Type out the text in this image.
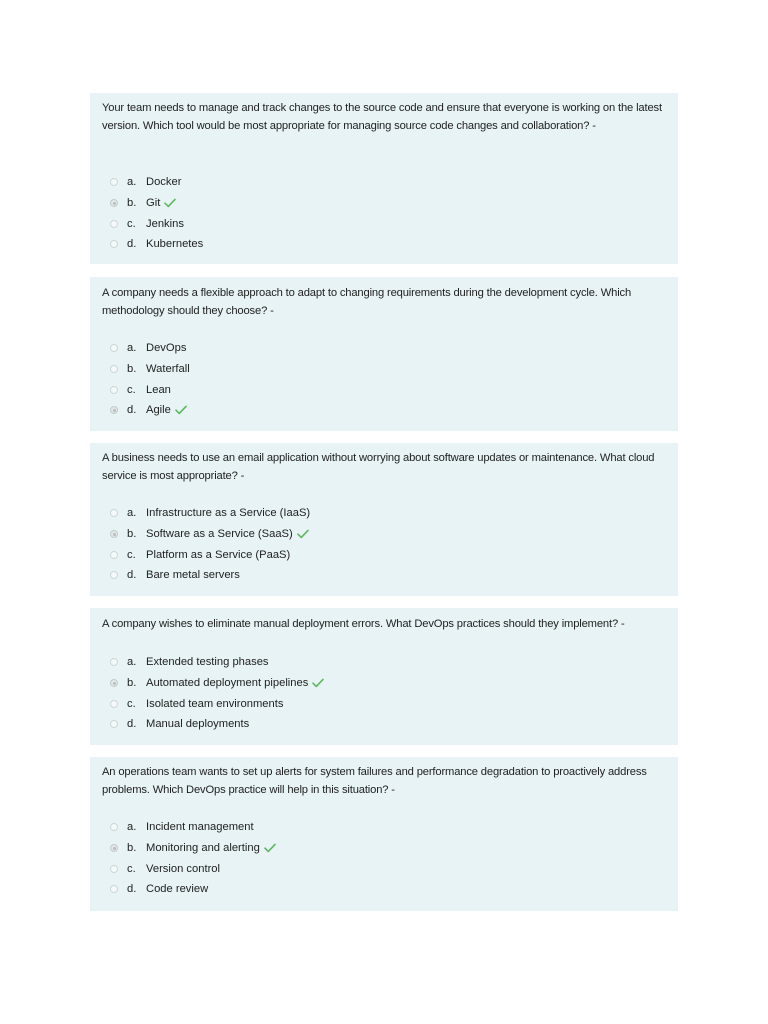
Your team needs to manage and track changes to the source code and ensure that everyone is working on the latest version. Which tool would be most appropriate for managing source code changes and collaboration? -

a. Docker
b. Git
c. Jenkins
d. Kubernetes

A company needs a flexible approach to adapt to changing requirements during the development cycle. Which methodology should they choose? -

a. DevOps
b. Waterfall
c. Lean
d. Agile

A business needs to use an email application without worrying about software updates or maintenance. What cloud service is most appropriate? -

a. Infrastructure as a Service (IaaS)
b. Software as a Service (SaaS)
c. Platform as a Service (PaaS)
d. Bare metal servers

A company wishes to eliminate manual deployment errors. What DevOps practices should they implement? -

a. Extended testing phases
b. Automated deployment pipelines
c. Isolated team environments
d. Manual deployments

An operations team wants to set up alerts for system failures and performance degradation to proactively address problems. Which DevOps practice will help in this situation? -

a. Incident management
b. Monitoring and alerting
c. Version control
d. Code review
